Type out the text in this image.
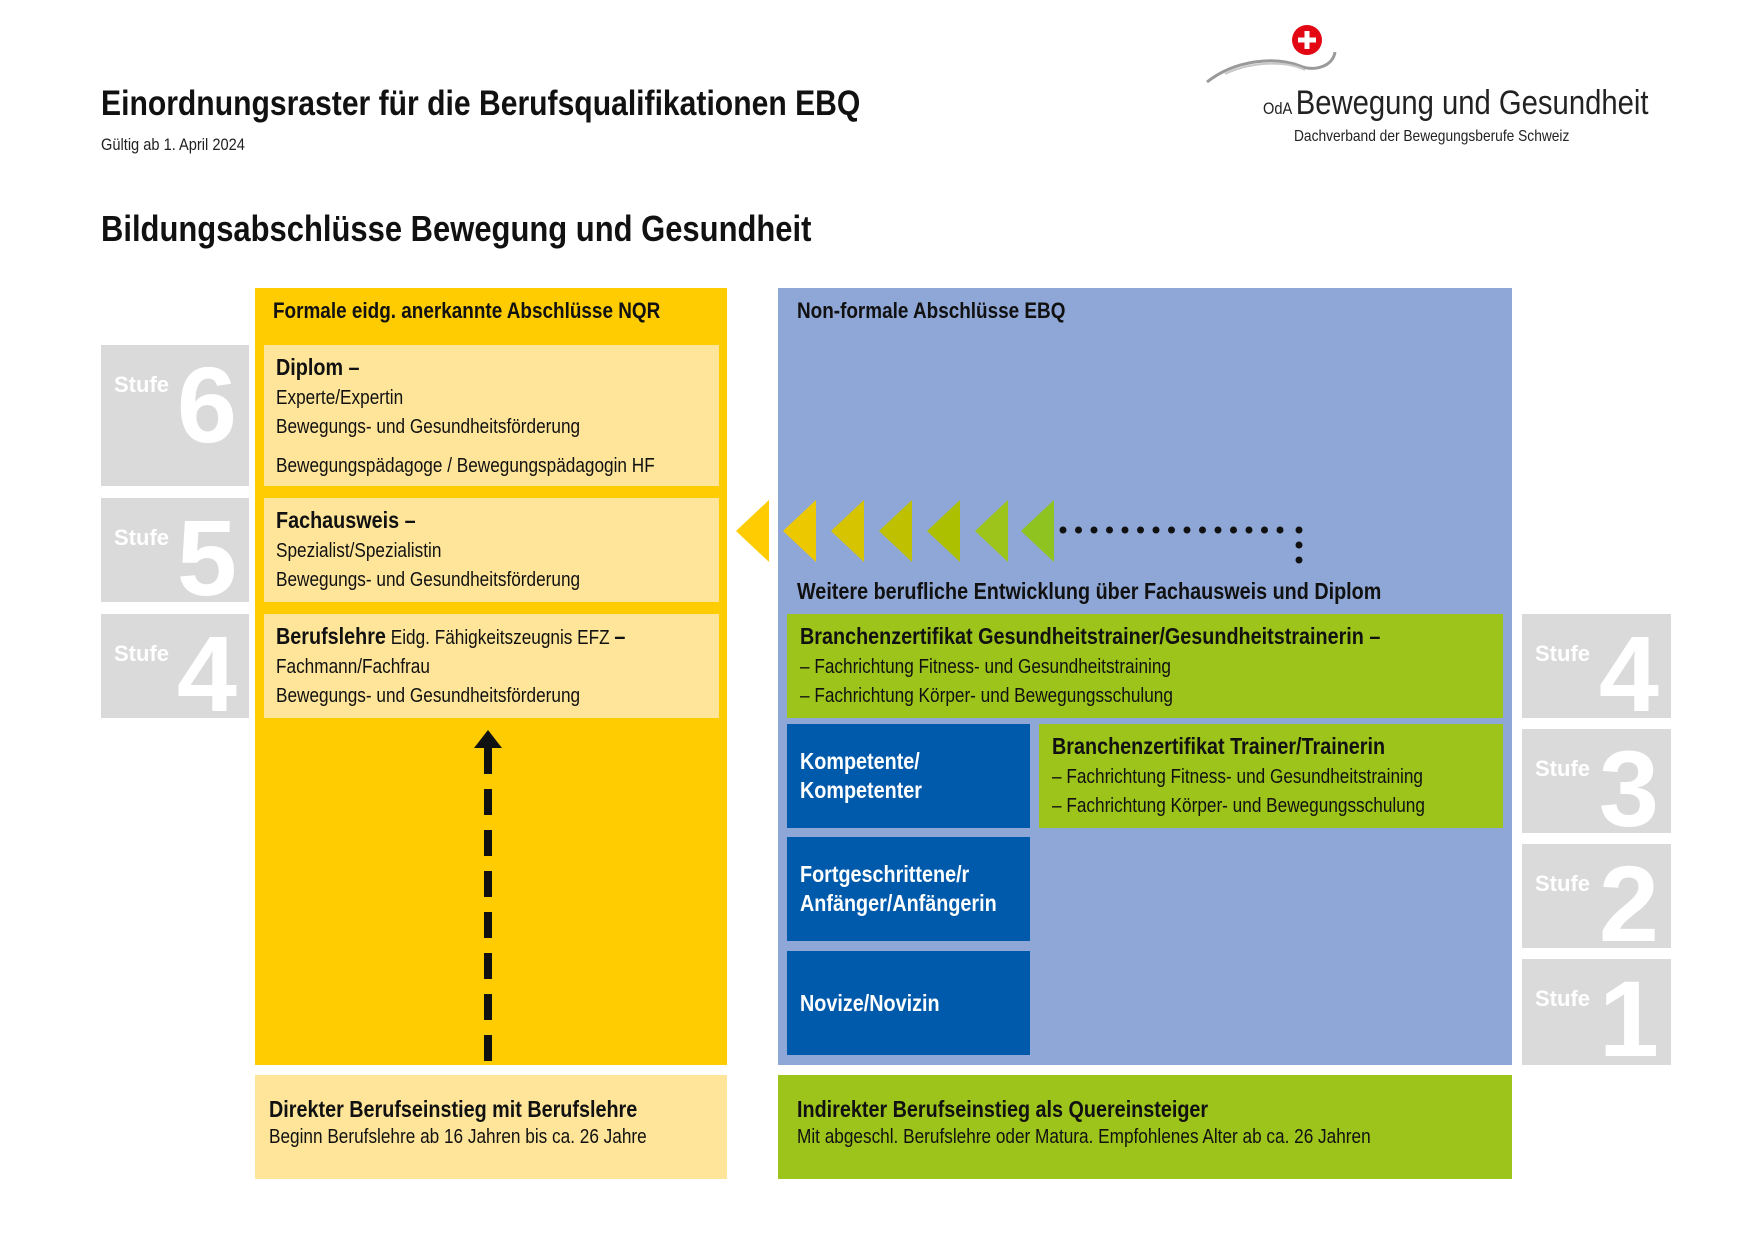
Einordnungsraster für die Berufsqualifikationen EBQ
Gültig ab 1. April 2024
Bildungsabschlüsse Bewegung und Gesundheit
OdA Bewegung und Gesundheit
Dachverband der Bewegungsberufe Schweiz
Stufe 6
Stufe 5
Stufe 4	Stufe 4
Stufe 3
Stufe 2
Stufe 1
Formale eidg. anerkannte Abschlüsse NQR
Diplom –
Experte/Expertin
Bewegungs- und Gesundheitsförderung
Bewegungspädagoge / Bewegungspädagogin HF
Fachausweis –
Spezialist/Spezialistin
Bewegungs- und Gesundheitsförderung
Berufslehre Eidg. Fähigkeitszeugnis EFZ –
Fachmann/Fachfrau
Bewegungs- und Gesundheitsförderung
Non-formale Abschlüsse EBQ
Weitere berufliche Entwicklung über Fachausweis und Diplom
Branchenzertifikat Gesundheitstrainer/Gesundheitstrainerin –
– Fachrichtung Fitness- und Gesundheitstraining
– Fachrichtung Körper- und Bewegungsschulung
Branchenzertifikat Trainer/Trainerin
– Fachrichtung Fitness- und Gesundheitstraining
– Fachrichtung Körper- und Bewegungsschulung
Kompetente/
Kompetenter
Fortgeschrittene/r
Anfänger/Anfängerin
Novize/Novizin
Direkter Berufseinstieg mit Berufslehre
Beginn Berufslehre ab 16 Jahren bis ca. 26 Jahre
Indirekter Berufseinstieg als Quereinsteiger
Mit abgeschl. Berufslehre oder Matura. Empfohlenes Alter ab ca. 26 Jahren
